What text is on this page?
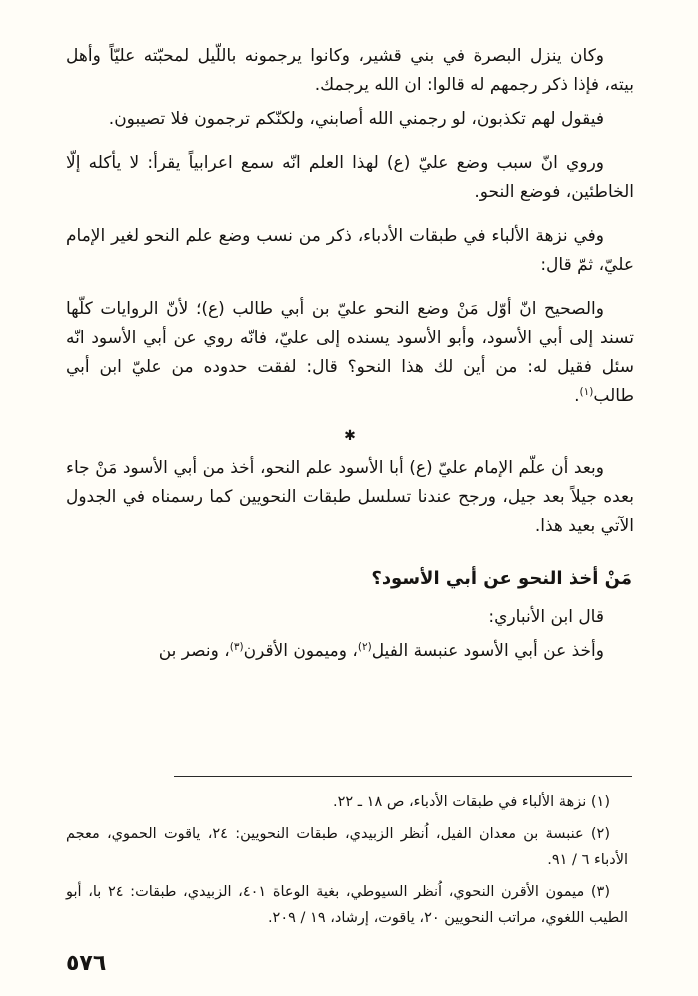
وكان ينزل البصرة في بني قشير، وكانوا يرجمونه باللّيل لمحبّته عليّاً وأهل بيته، فإذا ذكر رجمهم له قالوا: ان الله يرجمك.

فيقول لهم تكذبون، لو رجمني الله أصابني، ولكنّكم ترجمون فلا تصيبون.

وروي انّ سبب وضع عليّ (ع) لهذا العلم انّه سمع اعرابياً يقرأ: لا يأكله إلّا الخاطئين، فوضع النحو.

وفي نزهة الألباء في طبقات الأدباء، ذكر من نسب وضع علم النحو لغير الإمام عليّ، ثمّ قال:

والصحيح انّ أوّل مَنْ وضع النحو عليّ بن أبي طالب (ع)؛ لأنّ الروايات كلّها تسند إلى أبي الأسود، وأبو الأسود يسنده إلى عليّ، فانّه روي عن أبي الأسود انّه سئل فقيل له: من أين لك هذا النحو؟ قال: لفقت حدوده من عليّ ابن أبي طالب$^{(١)}$.

✱

وبعد أن علّم الإمام عليّ (ع) أبا الأسود علم النحو، أخذ من أبي الأسود مَنْ جاء بعده جيلاً بعد جيل، ورجح عندنا تسلسل طبقات النحويين كما رسمناه في الجدول الآتي بعيد هذا.

مَنْ أخذ النحو عن أبي الأسود؟

قال ابن الأنباري:

وأخذ عن أبي الأسود عنبسة الفيل$^{(٢)}$، وميمون الأقرن$^{(٣)}$، ونصر بن

(١) نزهة الألباء في طبقات الأدباء، ص ١٨ ـ ٢٢.

(٢) عنبسة بن معدان الفيل، اُنظر الزبيدي، طبقات النحويين: ٢٤، ياقوت الحموي، معجم الأدباء ٦ / ٩١.

(٣) ميمون الأقرن النحوي، اُنظر السيوطي، بغية الوعاة ٤٠١، الزبيدي، طبقات: ٢٤ با، أبو الطيب اللغوي، مراتب النحويين ٢٠، ياقوت، إرشاد، ١٩ / ٢٠٩.

٥٧٦
